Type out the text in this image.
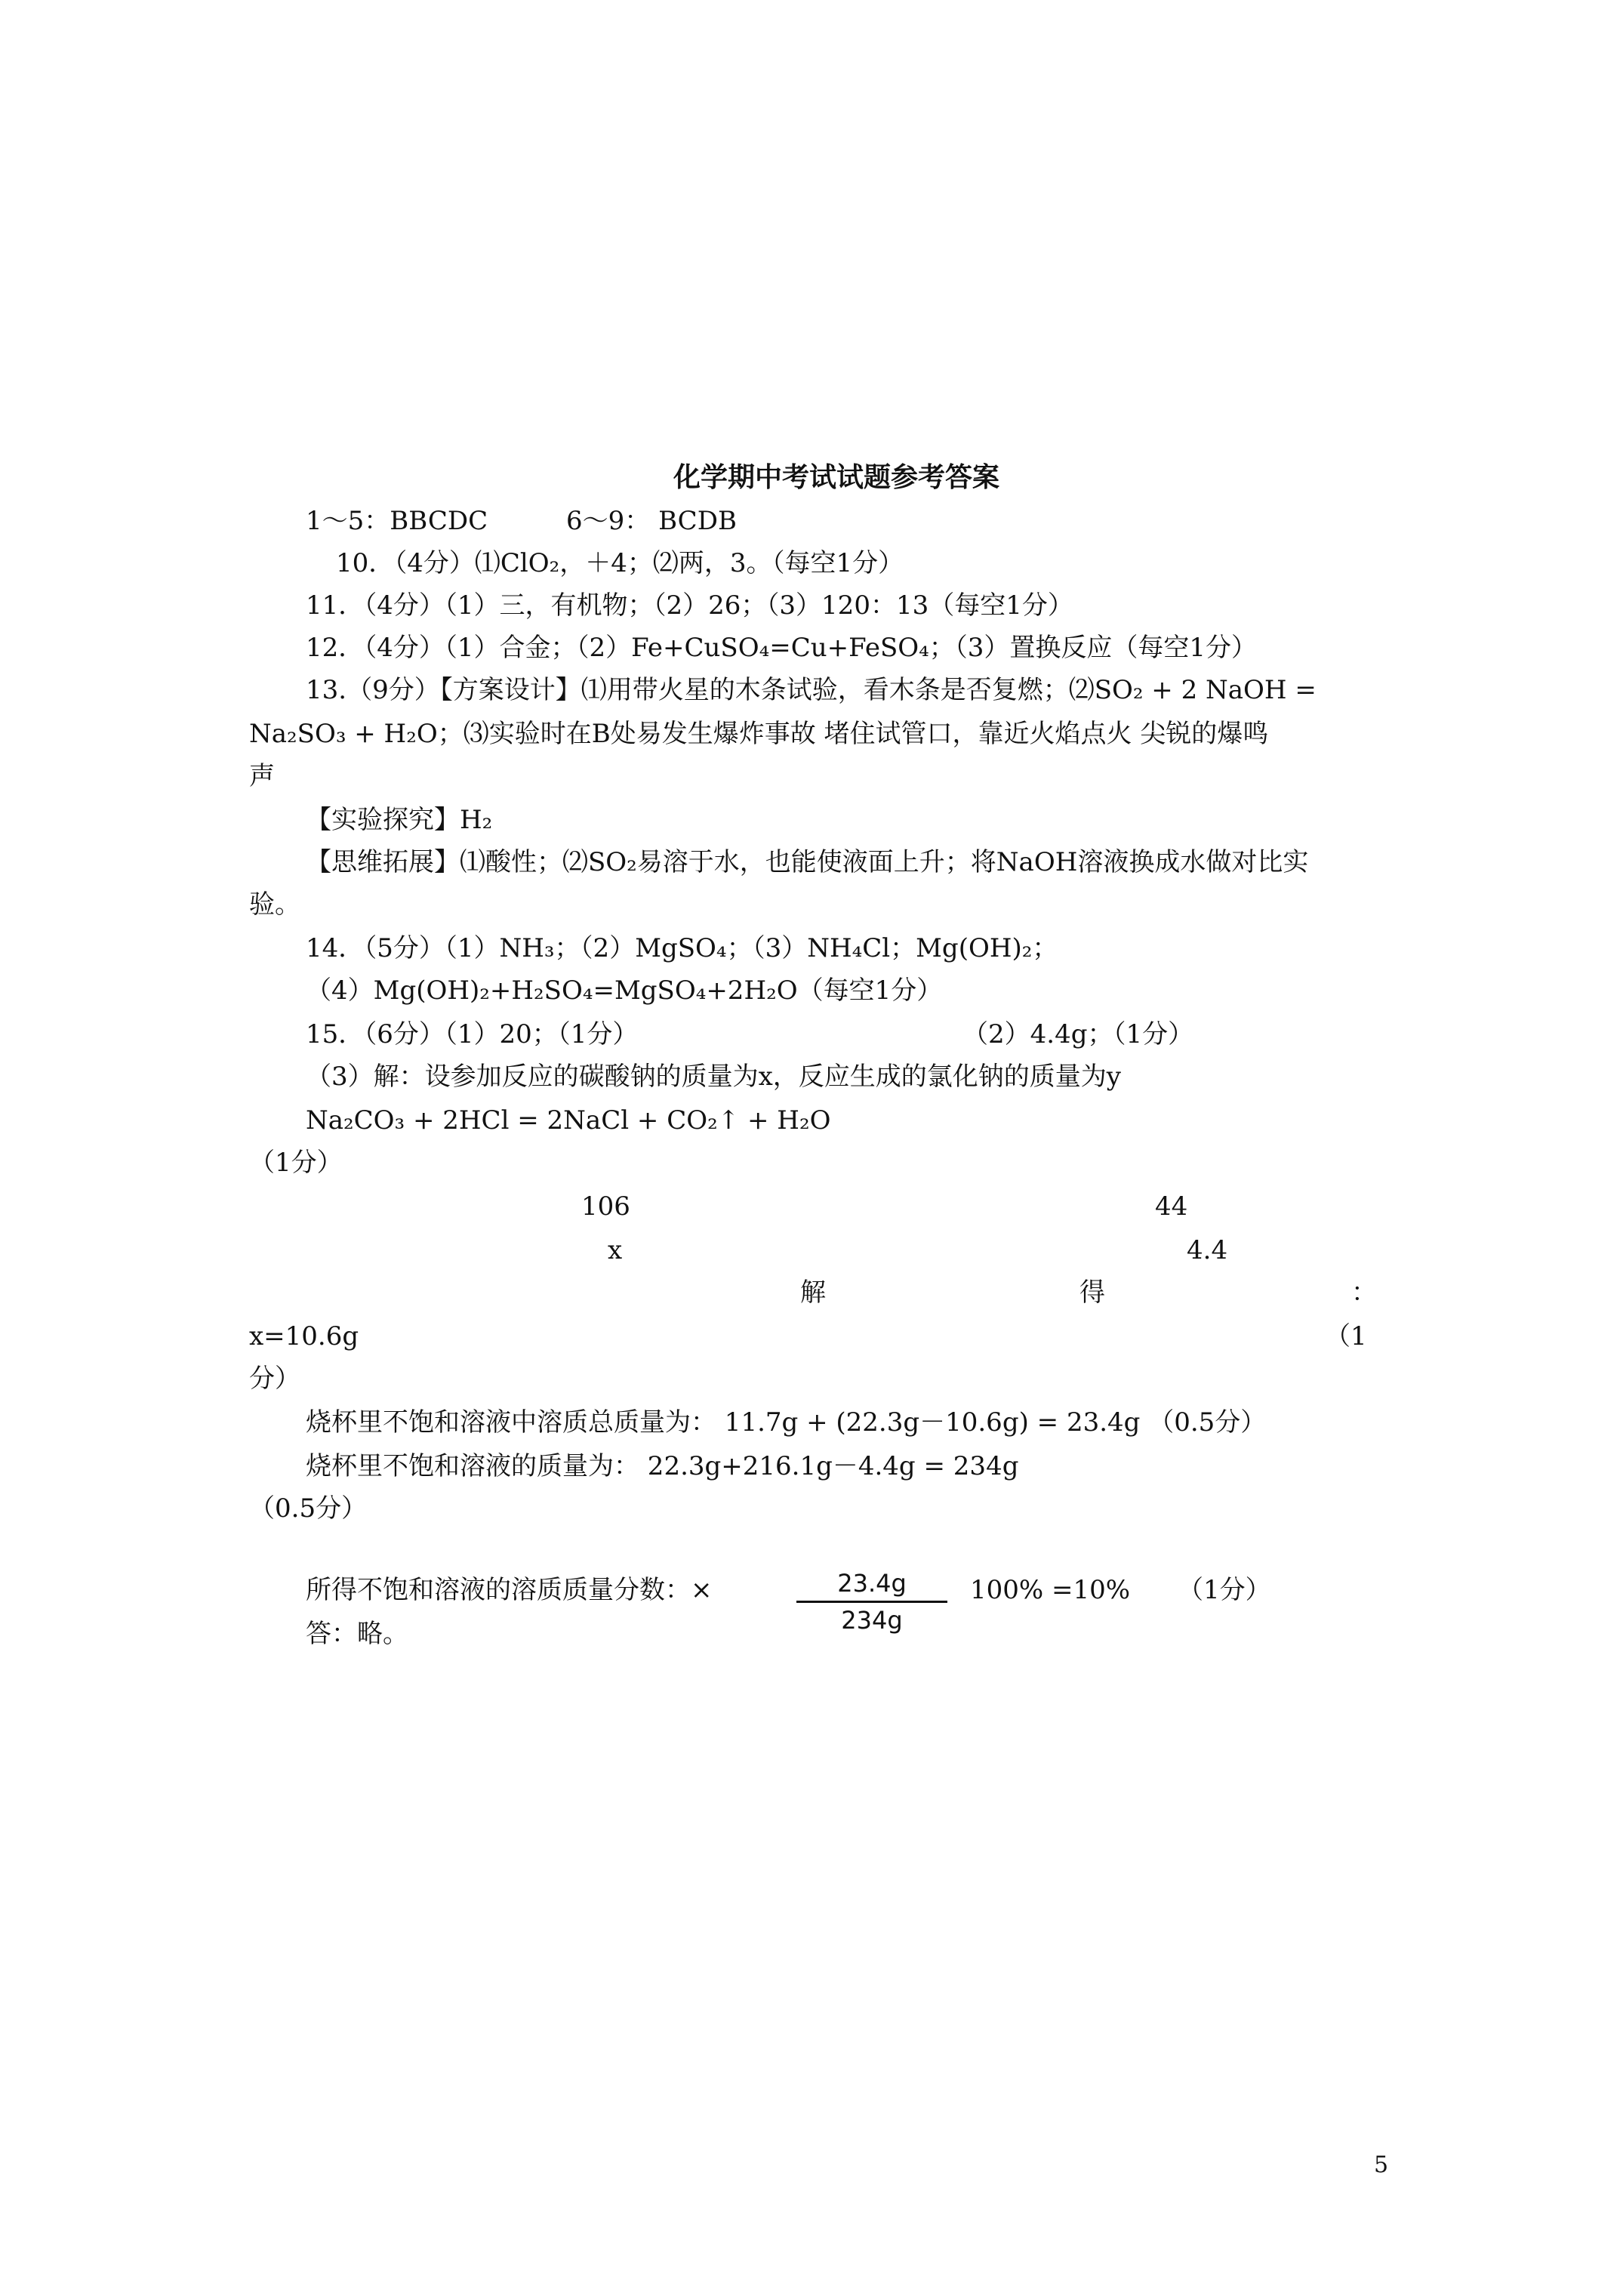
化学期中考试试题参考答案
1～5：BBCDC	6～9： BCDB
10．（4分）⑴ClO₂，＋4；⑵两，3。（每空1分）
11．（4分）（1）三，有机物；（2）26；（3）120：13（每空1分）
12．（4分）（1）合金；（2）Fe+CuSO₄=Cu+FeSO₄；（3）置换反应（每空1分）
13.（9分）【方案设计】⑴用带火星的木条试验，看木条是否复燃；⑵SO₂ + 2 NaOH =
Na₂SO₃ + H₂O；⑶实验时在B处易发生爆炸事故 堵住试管口，靠近火焰点火 尖锐的爆鸣
声
【实验探究】H₂
【思维拓展】⑴酸性；⑵SO₂易溶于水，也能使液面上升；将NaOH溶液换成水做对比实
验。
14．（5分）（1）NH₃；（2）MgSO₄；（3）NH₄Cl；Mg(OH)₂；
（4）Mg(OH)₂+H₂SO₄=MgSO₄+2H₂O（每空1分）
15．（6分）（1）20；（1分）	（2）4.4g；（1分）
（3）解：设参加反应的碳酸钠的质量为x，反应生成的氯化钠的质量为y
Na₂CO₃ + 2HCl = 2NaCl + CO₂↑ + H₂O
（1分）
106	44
x	4.4
解	得	：
x=10.6g	（1
分）
烧杯里不饱和溶液中溶质总质量为： 11.7g + (22.3g－10.6g) = 23.4g （0.5分）
烧杯里不饱和溶液的质量为： 22.3g+216.1g－4.4g = 234g
（0.5分）
所得不饱和溶液的溶质质量分数：×	23.4g
234g
100% =10% （1分）
答：略。
5
